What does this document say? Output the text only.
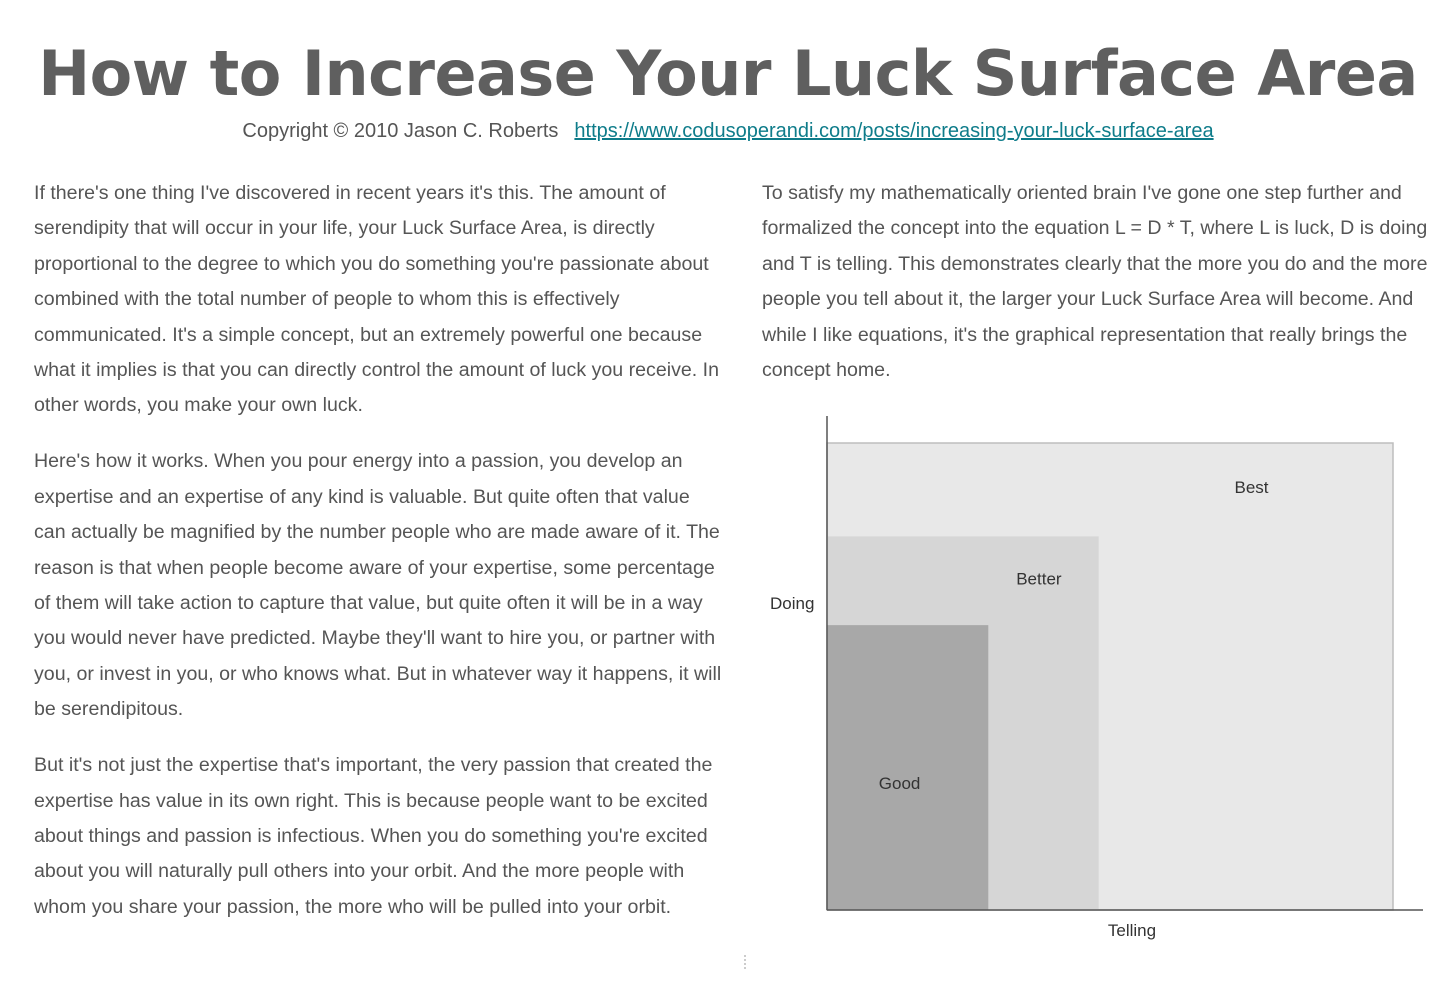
How to Increase Your Luck Surface Area
Copyright © 2010 Jason C. Roberts https://www.codusoperandi.com/posts/increasing-your-luck-surface-area

If there's one thing I've discovered in recent years it's this. The amount of serendipity that will occur in your life, your Luck Surface Area, is directly proportional to the degree to which you do something you're passionate about combined with the total number of people to whom this is effectively communicated. It's a simple concept, but an extremely powerful one because what it implies is that you can directly control the amount of luck you receive. In other words, you make your own luck.

Here's how it works. When you pour energy into a passion, you develop an expertise and an expertise of any kind is valuable. But quite often that value can actually be magnified by the number people who are made aware of it. The reason is that when people become aware of your expertise, some percentage of them will take action to capture that value, but quite often it will be in a way you would never have predicted. Maybe they'll want to hire you, or partner with you, or invest in you, or who knows what. But in whatever way it happens, it will be serendipitous.

But it's not just the expertise that's important, the very passion that created the expertise has value in its own right. This is because people want to be excited about things and passion is infectious. When you do something you're excited about you will naturally pull others into your orbit. And the more people with whom you share your passion, the more who will be pulled into your orbit.

To satisfy my mathematically oriented brain I've gone one step further and formalized the concept into the equation L = D * T, where L is luck, D is doing and T is telling. This demonstrates clearly that the more you do and the more people you tell about it, the larger your Luck Surface Area will become. And while I like equations, it's the graphical representation that really brings the concept home.

Best
Better
Good
Doing
Telling
